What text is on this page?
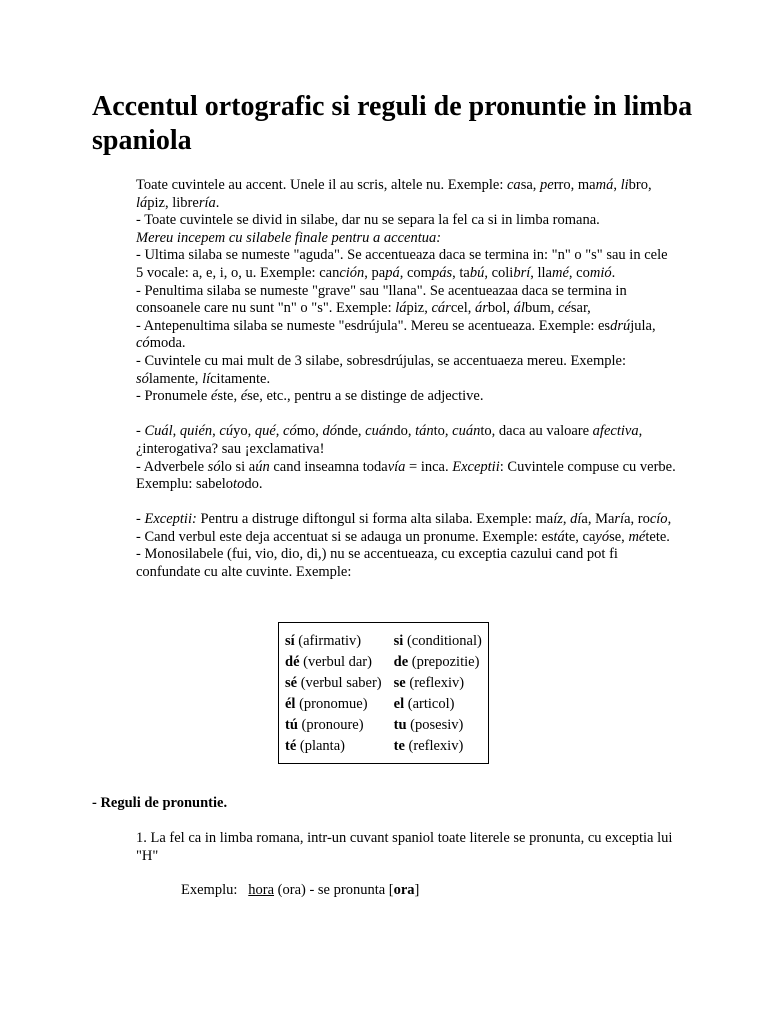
Accentul ortografic si reguli de pronuntie in limba spaniola

Toate cuvintele au accent. Unele il au scris, altele nu. Exemple: casa, perro, mamá, libro, lápiz, librería.

- Toate cuvintele se divid in silabe, dar nu se separa la fel ca si in limba romana.

Mereu incepem cu silabele finale pentru a accentua:

- Ultima silaba se numeste "aguda". Se accentueaza daca se termina in: "n" o "s" sau in cele 5 vocale: a, e, i, o, u. Exemple: canción, papá, compás, tabú, colibrí, llamé, comió.

- Penultima silaba se numeste "grave" sau "llana". Se acentueazaa daca se termina in consoanele care nu sunt "n" o "s". Exemple: lápiz, cárcel, árbol, álbum, césar,

- Antepenultima silaba se numeste "esdrújula". Mereu se acentueaza. Exemple: esdrújula, cómoda.

- Cuvintele cu mai mult de 3 silabe, sobresdrújulas, se accentuaeza mereu. Exemple: sólamente, lícitamente.

- Pronumele éste, ése, etc., pentru a se distinge de adjective.

- Cuál, quién, cúyo, qué, cómo, dónde, cuándo, tánto, cuánto, daca au valoare afectiva, ¿interogativa? sau ¡exclamativa!

- Adverbele sólo si aún cand inseamna todavía = inca. Exceptii: Cuvintele compuse cu verbe. Exemplu: sabelotodo.

- Exceptii: Pentru a distruge diftongul si forma alta silaba. Exemple: maíz, día, María, rocío,

- Cand verbul este deja accentuat si se adauga un pronume. Exemple: estáte, cayóse, métete.

- Monosilabele (fui, vio, dio, di,) nu se accentueaza, cu exceptia cazului cand pot fi confundate cu alte cuvinte. Exemple:

sí (afirmativ)	si (conditional)
dé (verbul dar)	de (prepozitie)
sé (verbul saber)	se (reflexiv)
él (pronomue)	el (articol)
tú (pronoure)	tu (posesiv)
té (planta)	te (reflexiv)

- Reguli de pronuntie.

1. La fel ca in limba romana, intr-un cuvant spaniol toate literele se pronunta, cu exceptia lui "H"

Exemplu: hora (ora) - se pronunta [ora]
